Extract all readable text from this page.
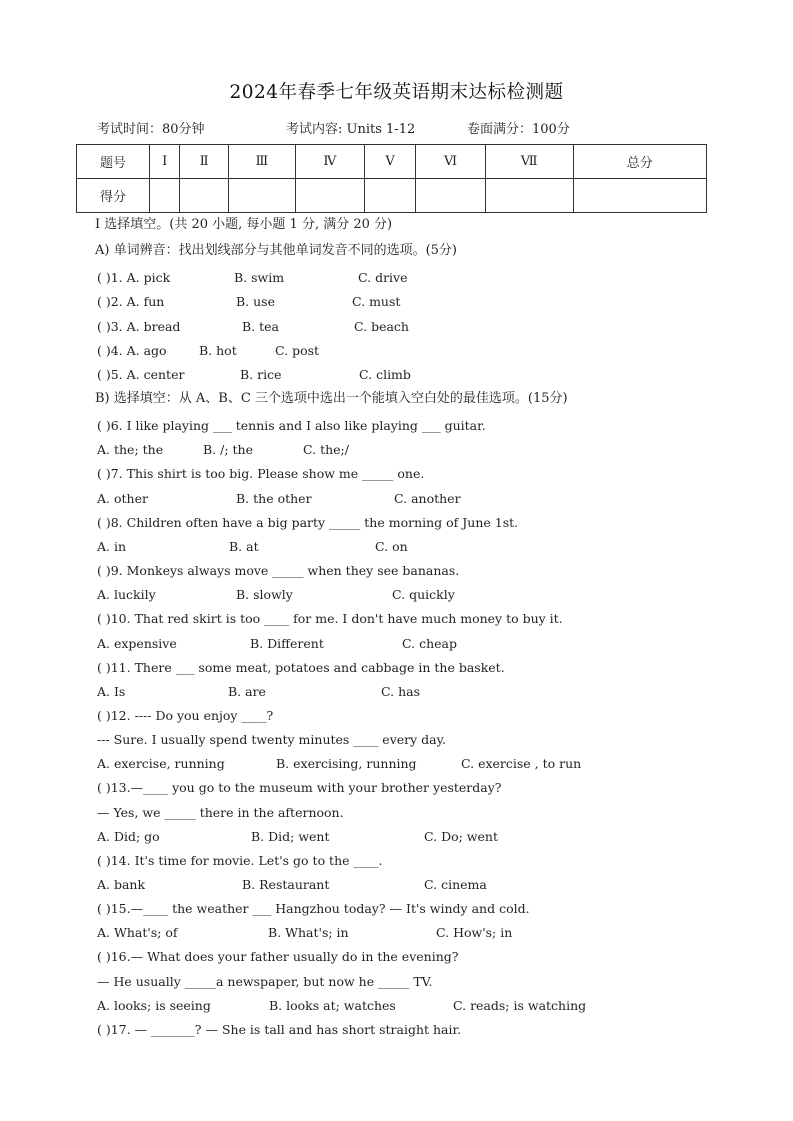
2024年春季七年级英语期末达标检测题
考试时间：80分钟	考试内容: Units 1-12	卷面满分：100分
题号	Ⅰ	Ⅱ	Ⅲ	Ⅳ	Ⅴ	Ⅵ	Ⅶ	总分
得分								
Ⅰ 选择填空。(共 20 小题, 每小题 1 分, 满分 20 分)
A) 单词辨音：找出划线部分与其他单词发音不同的选项。(5分)
( )1. A. pick	B. swim	C. drive
( )2. A. fun	B. use	C. must
( )3. A. bread	B. tea	C. beach
( )4. A. ago	B. hot	C. post
( )5. A. center	B. rice	C. climb
B) 选择填空：从 A、B、C 三个选项中选出一个能填入空白处的最佳选项。(15分)
( )6. I like playing ___ tennis and I also like playing ___ guitar.
A. the; the	B. /; the	C. the;/
( )7. This shirt is too big. Please show me _____ one.
A. other	B. the other	C. another
( )8. Children often have a big party _____ the morning of June 1st.
A. in	B. at	C. on
( )9. Monkeys always move _____ when they see bananas.
A. luckily	B. slowly	C. quickly
( )10. That red skirt is too ____ for me. I don't have much money to buy it.
A. expensive	B. Different	C. cheap
( )11. There ___ some meat, potatoes and cabbage in the basket.
A. Is	B. are	C. has
( )12. ---- Do you enjoy ____?
--- Sure. I usually spend twenty minutes ____ every day.
A. exercise, running	B. exercising, running	C. exercise , to run
( )13.—____ you go to the museum with your brother yesterday?
— Yes, we _____ there in the afternoon.
A. Did; go	B. Did; went	C. Do; went
( )14. It's time for movie. Let's go to the ____.
A. bank	B. Restaurant	C. cinema
( )15.—____ the weather ___ Hangzhou today? — It's windy and cold.
A. What's; of	B. What's; in	C. How's; in
( )16.— What does your father usually do in the evening?
— He usually _____a newspaper, but now he _____ TV.
A. looks; is seeing	B. looks at; watches	C. reads; is watching
( )17. — _______? — She is tall and has short straight hair.
